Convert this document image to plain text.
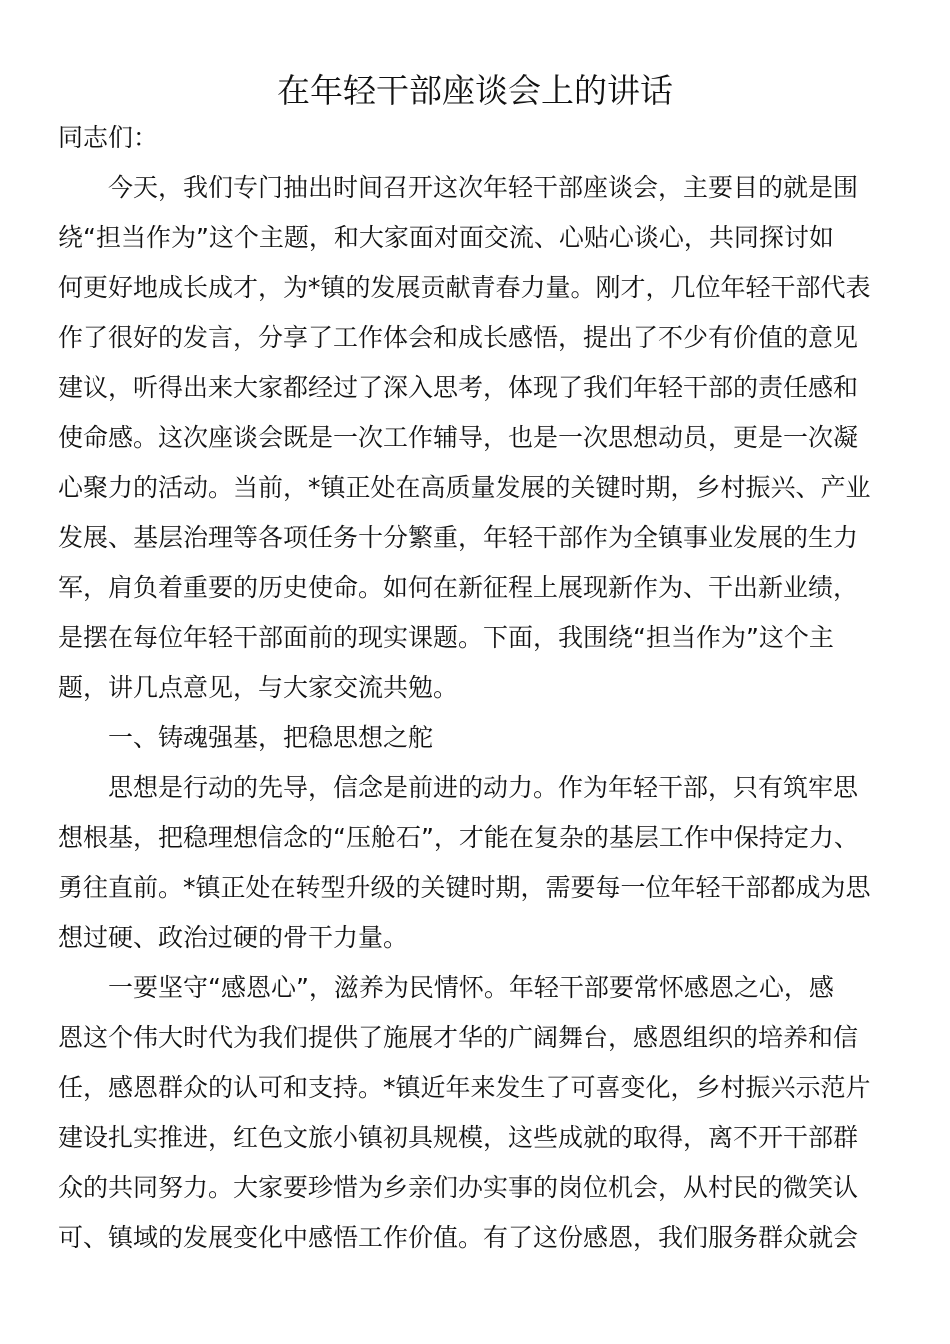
在年轻干部座谈会上的讲话
同志们：
今天，我们专门抽出时间召开这次年轻干部座谈会，主要目的就是围
绕“担当作为”这个主题，和大家面对面交流、心贴心谈心，共同探讨如
何更好地成长成才，为*镇的发展贡献青春力量。刚才，几位年轻干部代表
作了很好的发言，分享了工作体会和成长感悟，提出了不少有价值的意见
建议，听得出来大家都经过了深入思考，体现了我们年轻干部的责任感和
使命感。这次座谈会既是一次工作辅导，也是一次思想动员，更是一次凝
心聚力的活动。当前，*镇正处在高质量发展的关键时期，乡村振兴、产业
发展、基层治理等各项任务十分繁重，年轻干部作为全镇事业发展的生力
军，肩负着重要的历史使命。如何在新征程上展现新作为、干出新业绩，
是摆在每位年轻干部面前的现实课题。下面，我围绕“担当作为”这个主
题，讲几点意见，与大家交流共勉。
一、铸魂强基，把稳思想之舵
思想是行动的先导，信念是前进的动力。作为年轻干部，只有筑牢思
想根基，把稳理想信念的“压舱石”，才能在复杂的基层工作中保持定力、
勇往直前。*镇正处在转型升级的关键时期，需要每一位年轻干部都成为思
想过硬、政治过硬的骨干力量。
一要坚守“感恩心”，滋养为民情怀。年轻干部要常怀感恩之心，感
恩这个伟大时代为我们提供了施展才华的广阔舞台，感恩组织的培养和信
任，感恩群众的认可和支持。*镇近年来发生了可喜变化，乡村振兴示范片
建设扎实推进，红色文旅小镇初具规模，这些成就的取得，离不开干部群
众的共同努力。大家要珍惜为乡亲们办实事的岗位机会，从村民的微笑认
可、镇域的发展变化中感悟工作价值。有了这份感恩，我们服务群众就会
